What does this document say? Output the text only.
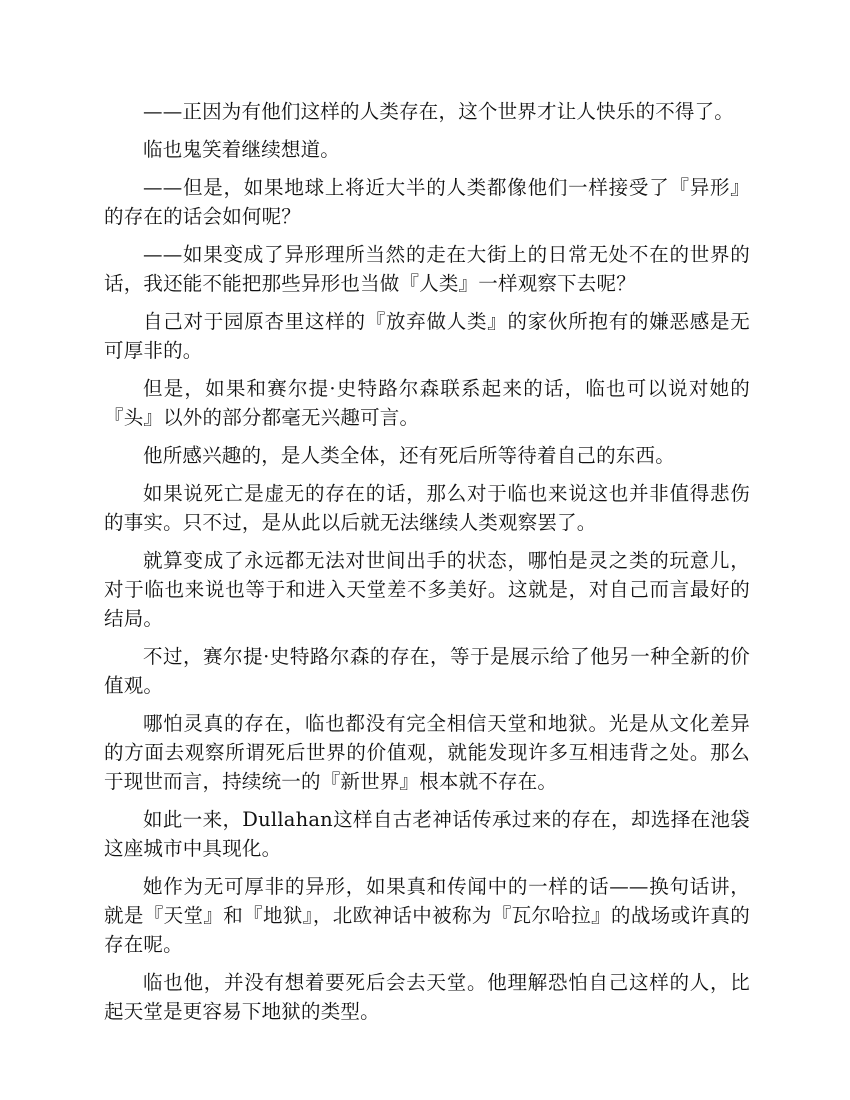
——正因为有他们这样的人类存在，这个世界才让人快乐的不得了。

临也鬼笑着继续想道。

——但是，如果地球上将近大半的人类都像他们一样接受了『异形』的存在的话会如何呢？

——如果变成了异形理所当然的走在大街上的日常无处不在的世界的话，我还能不能把那些异形也当做『人类』一样观察下去呢？

自己对于园原杏里这样的『放弃做人类』的家伙所抱有的嫌恶感是无可厚非的。

但是，如果和赛尔提·史特路尔森联系起来的话，临也可以说对她的『头』以外的部分都毫无兴趣可言。

他所感兴趣的，是人类全体，还有死后所等待着自己的东西。

如果说死亡是虚无的存在的话，那么对于临也来说这也并非值得悲伤的事实。只不过，是从此以后就无法继续人类观察罢了。

就算变成了永远都无法对世间出手的状态，哪怕是灵之类的玩意儿，对于临也来说也等于和进入天堂差不多美好。这就是，对自己而言最好的结局。

不过，赛尔提·史特路尔森的存在，等于是展示给了他另一种全新的价值观。

哪怕灵真的存在，临也都没有完全相信天堂和地狱。光是从文化差异的方面去观察所谓死后世界的价值观，就能发现许多互相违背之处。那么于现世而言，持续统一的『新世界』根本就不存在。

如此一来，Dullahan这样自古老神话传承过来的存在，却选择在池袋这座城市中具现化。

她作为无可厚非的异形，如果真和传闻中的一样的话——换句话讲，就是『天堂』和『地狱』，北欧神话中被称为『瓦尔哈拉』的战场或许真的存在呢。

临也他，并没有想着要死后会去天堂。他理解恐怕自己这样的人，比起天堂是更容易下地狱的类型。
